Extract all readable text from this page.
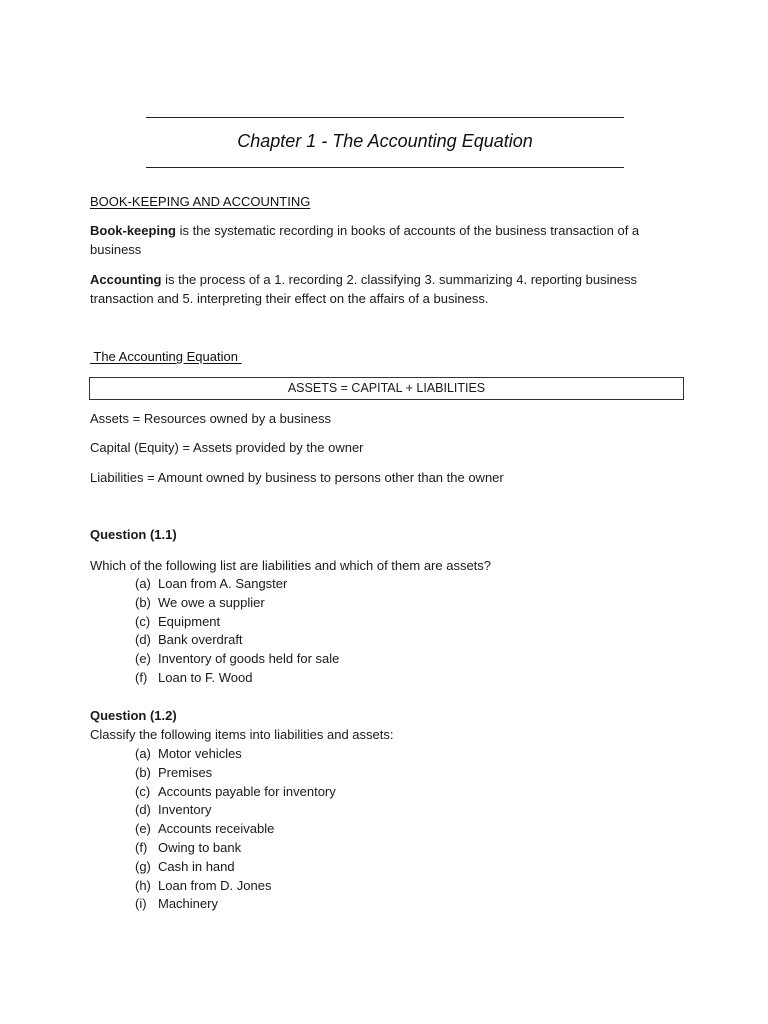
Chapter 1 - The Accounting Equation
BOOK-KEEPING AND ACCOUNTING
Book-keeping is the systematic recording in books of accounts of the business transaction of a business
Accounting is the process of a 1. recording 2. classifying 3. summarizing 4. reporting business transaction and 5. interpreting their effect on the affairs of a business.
The Accounting Equation
ASSETS = CAPITAL + LIABILITIES
Assets = Resources owned by a business
Capital (Equity) = Assets provided by the owner
Liabilities = Amount owned by business to persons other than the owner
Question (1.1)
Which of the following list are liabilities and which of them are assets?
(a) Loan from A. Sangster
(b) We owe a supplier
(c) Equipment
(d) Bank overdraft
(e) Inventory of goods held for sale
(f) Loan to F. Wood
Question (1.2)
Classify the following items into liabilities and assets:
(a) Motor vehicles
(b) Premises
(c) Accounts payable for inventory
(d) Inventory
(e) Accounts receivable
(f) Owing to bank
(g) Cash in hand
(h) Loan from D. Jones
(i) Machinery
